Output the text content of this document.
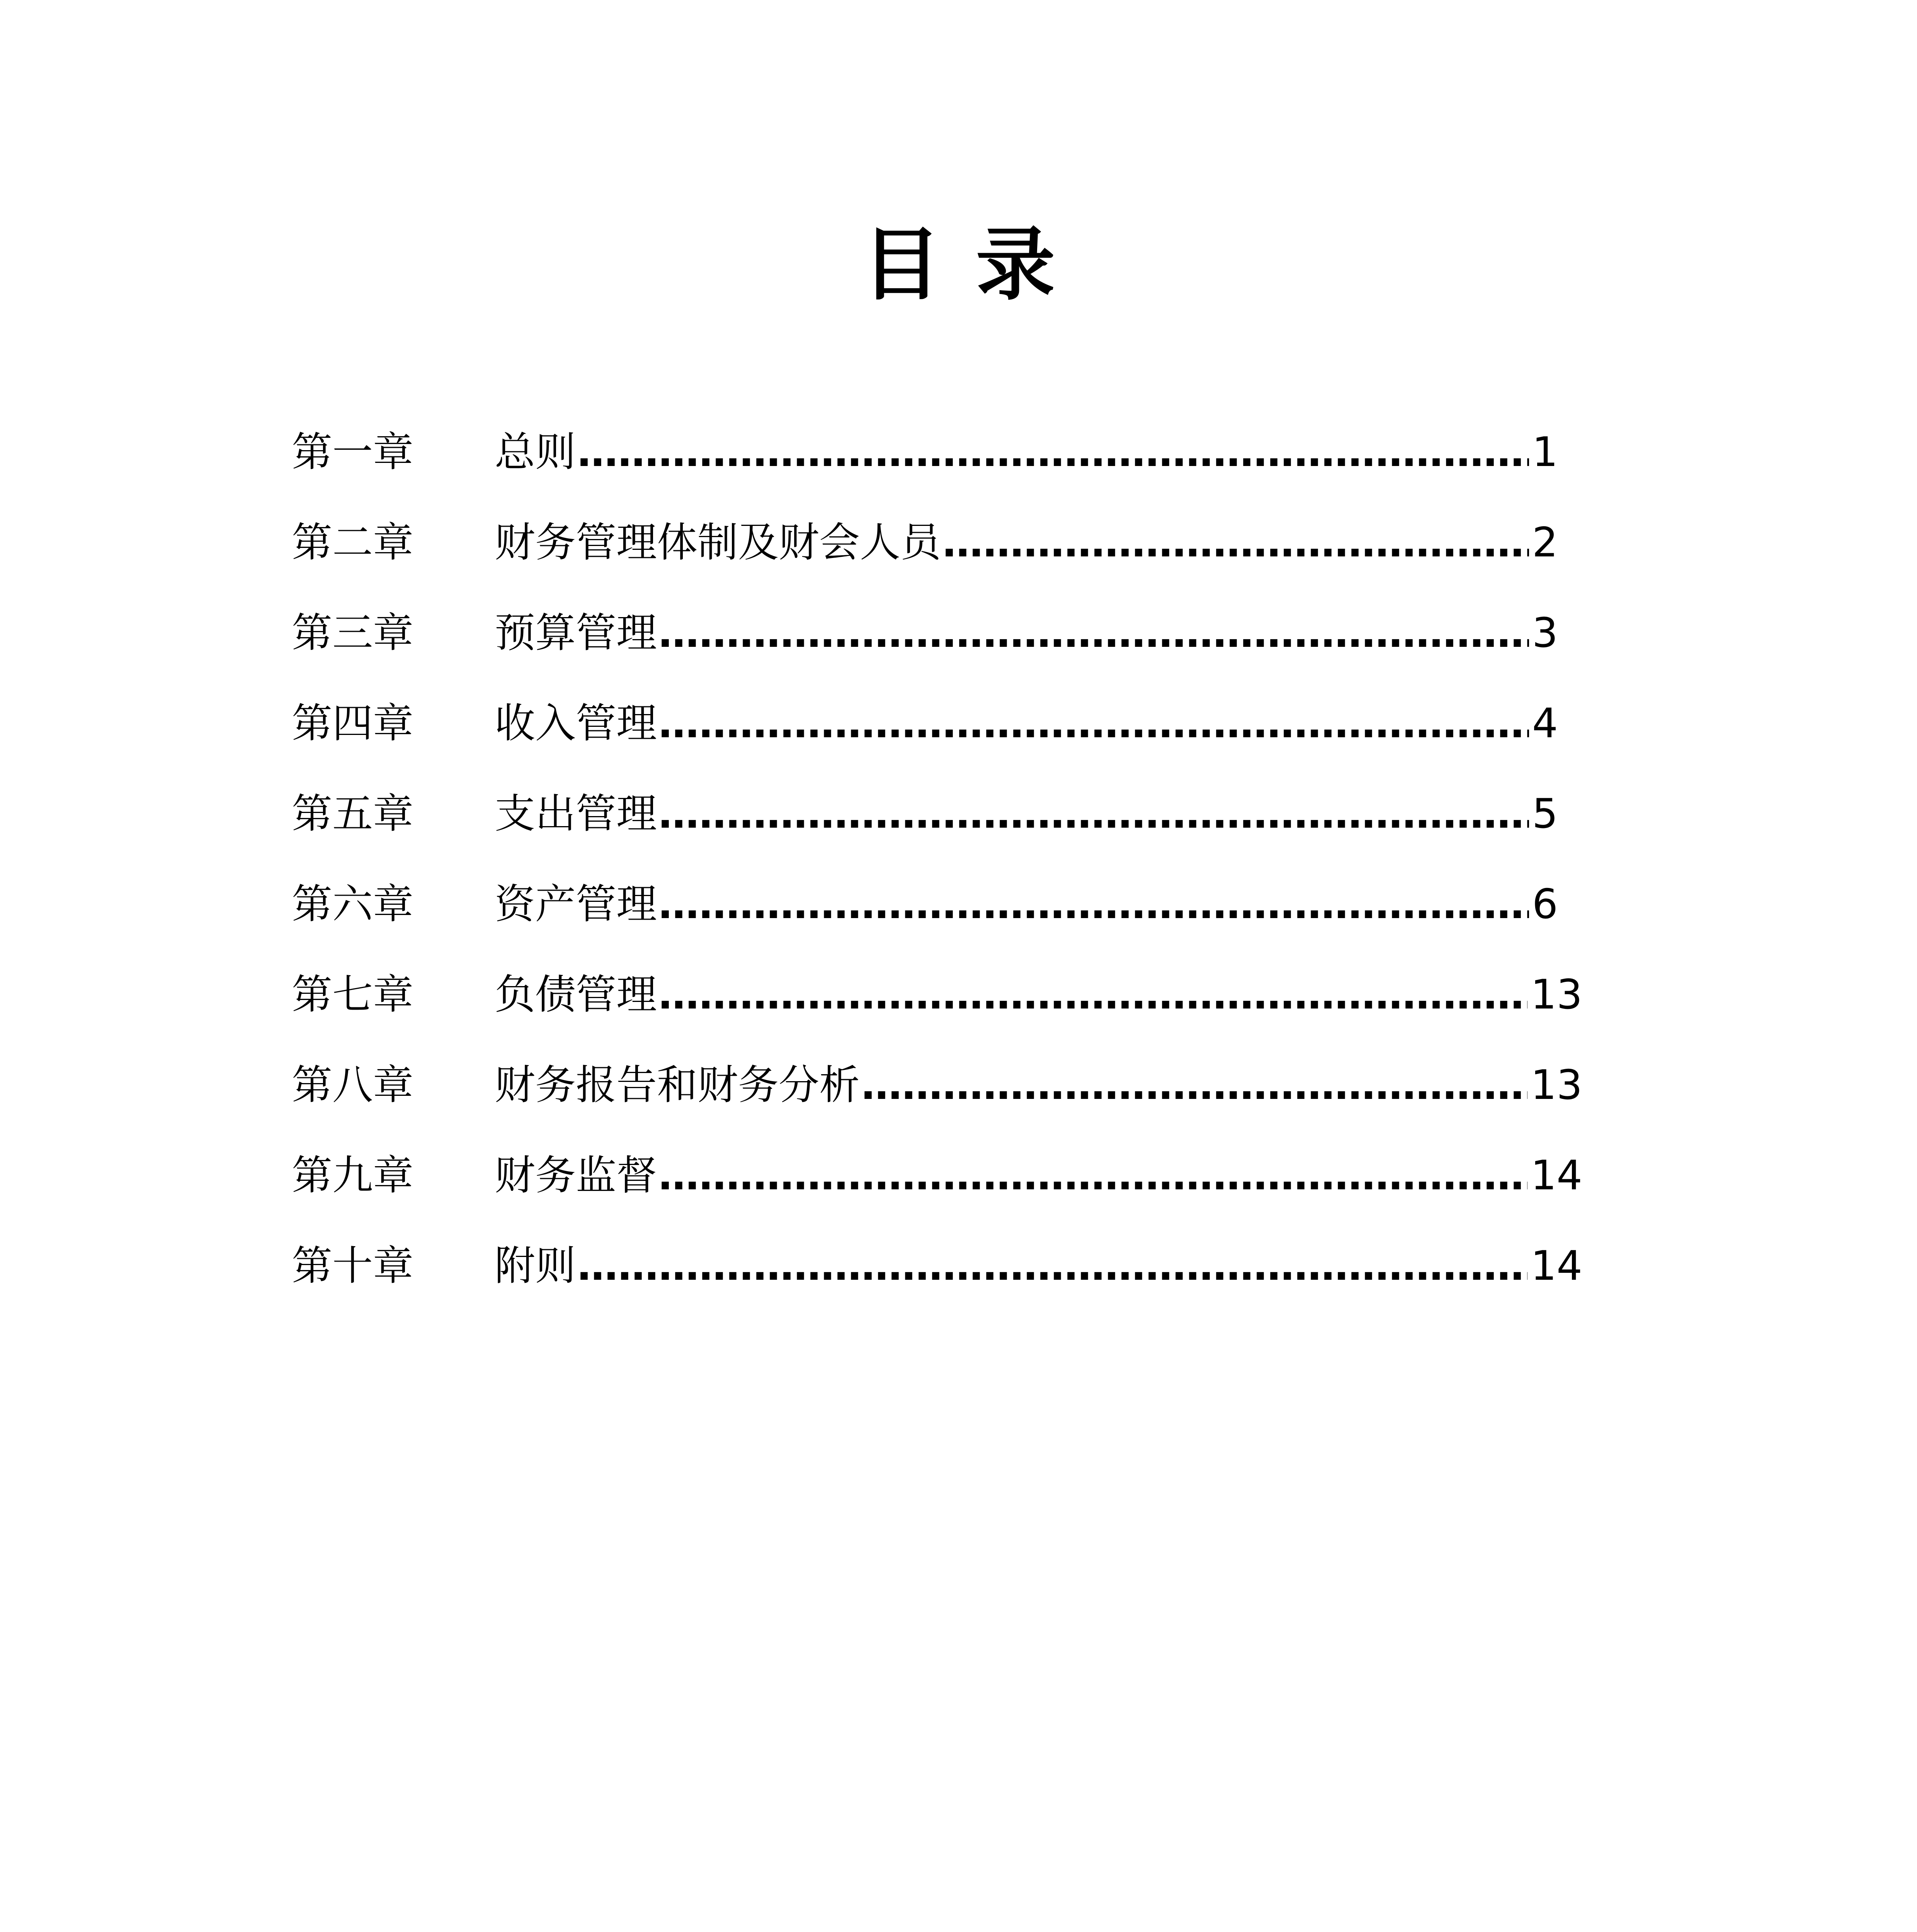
目 录
第一章	总则 ………………………………………………………………………………………………………………………………………………………………	1
第二章	财务管理体制及财会人员 ………………………………………………………………………………………………………………………………………………………………	2
第三章	预算管理 ………………………………………………………………………………………………………………………………………………………………	3
第四章	收入管理 ………………………………………………………………………………………………………………………………………………………………	4
第五章	支出管理 ………………………………………………………………………………………………………………………………………………………………	5
第六章	资产管理 ………………………………………………………………………………………………………………………………………………………………	6
第七章	负债管理 ………………………………………………………………………………………………………………………………………………………………	13
第八章	财务报告和财务分析 ………………………………………………………………………………………………………………………………………………………………	13
第九章	财务监督 ………………………………………………………………………………………………………………………………………………………………	14
第十章	附则 ………………………………………………………………………………………………………………………………………………………………	14
